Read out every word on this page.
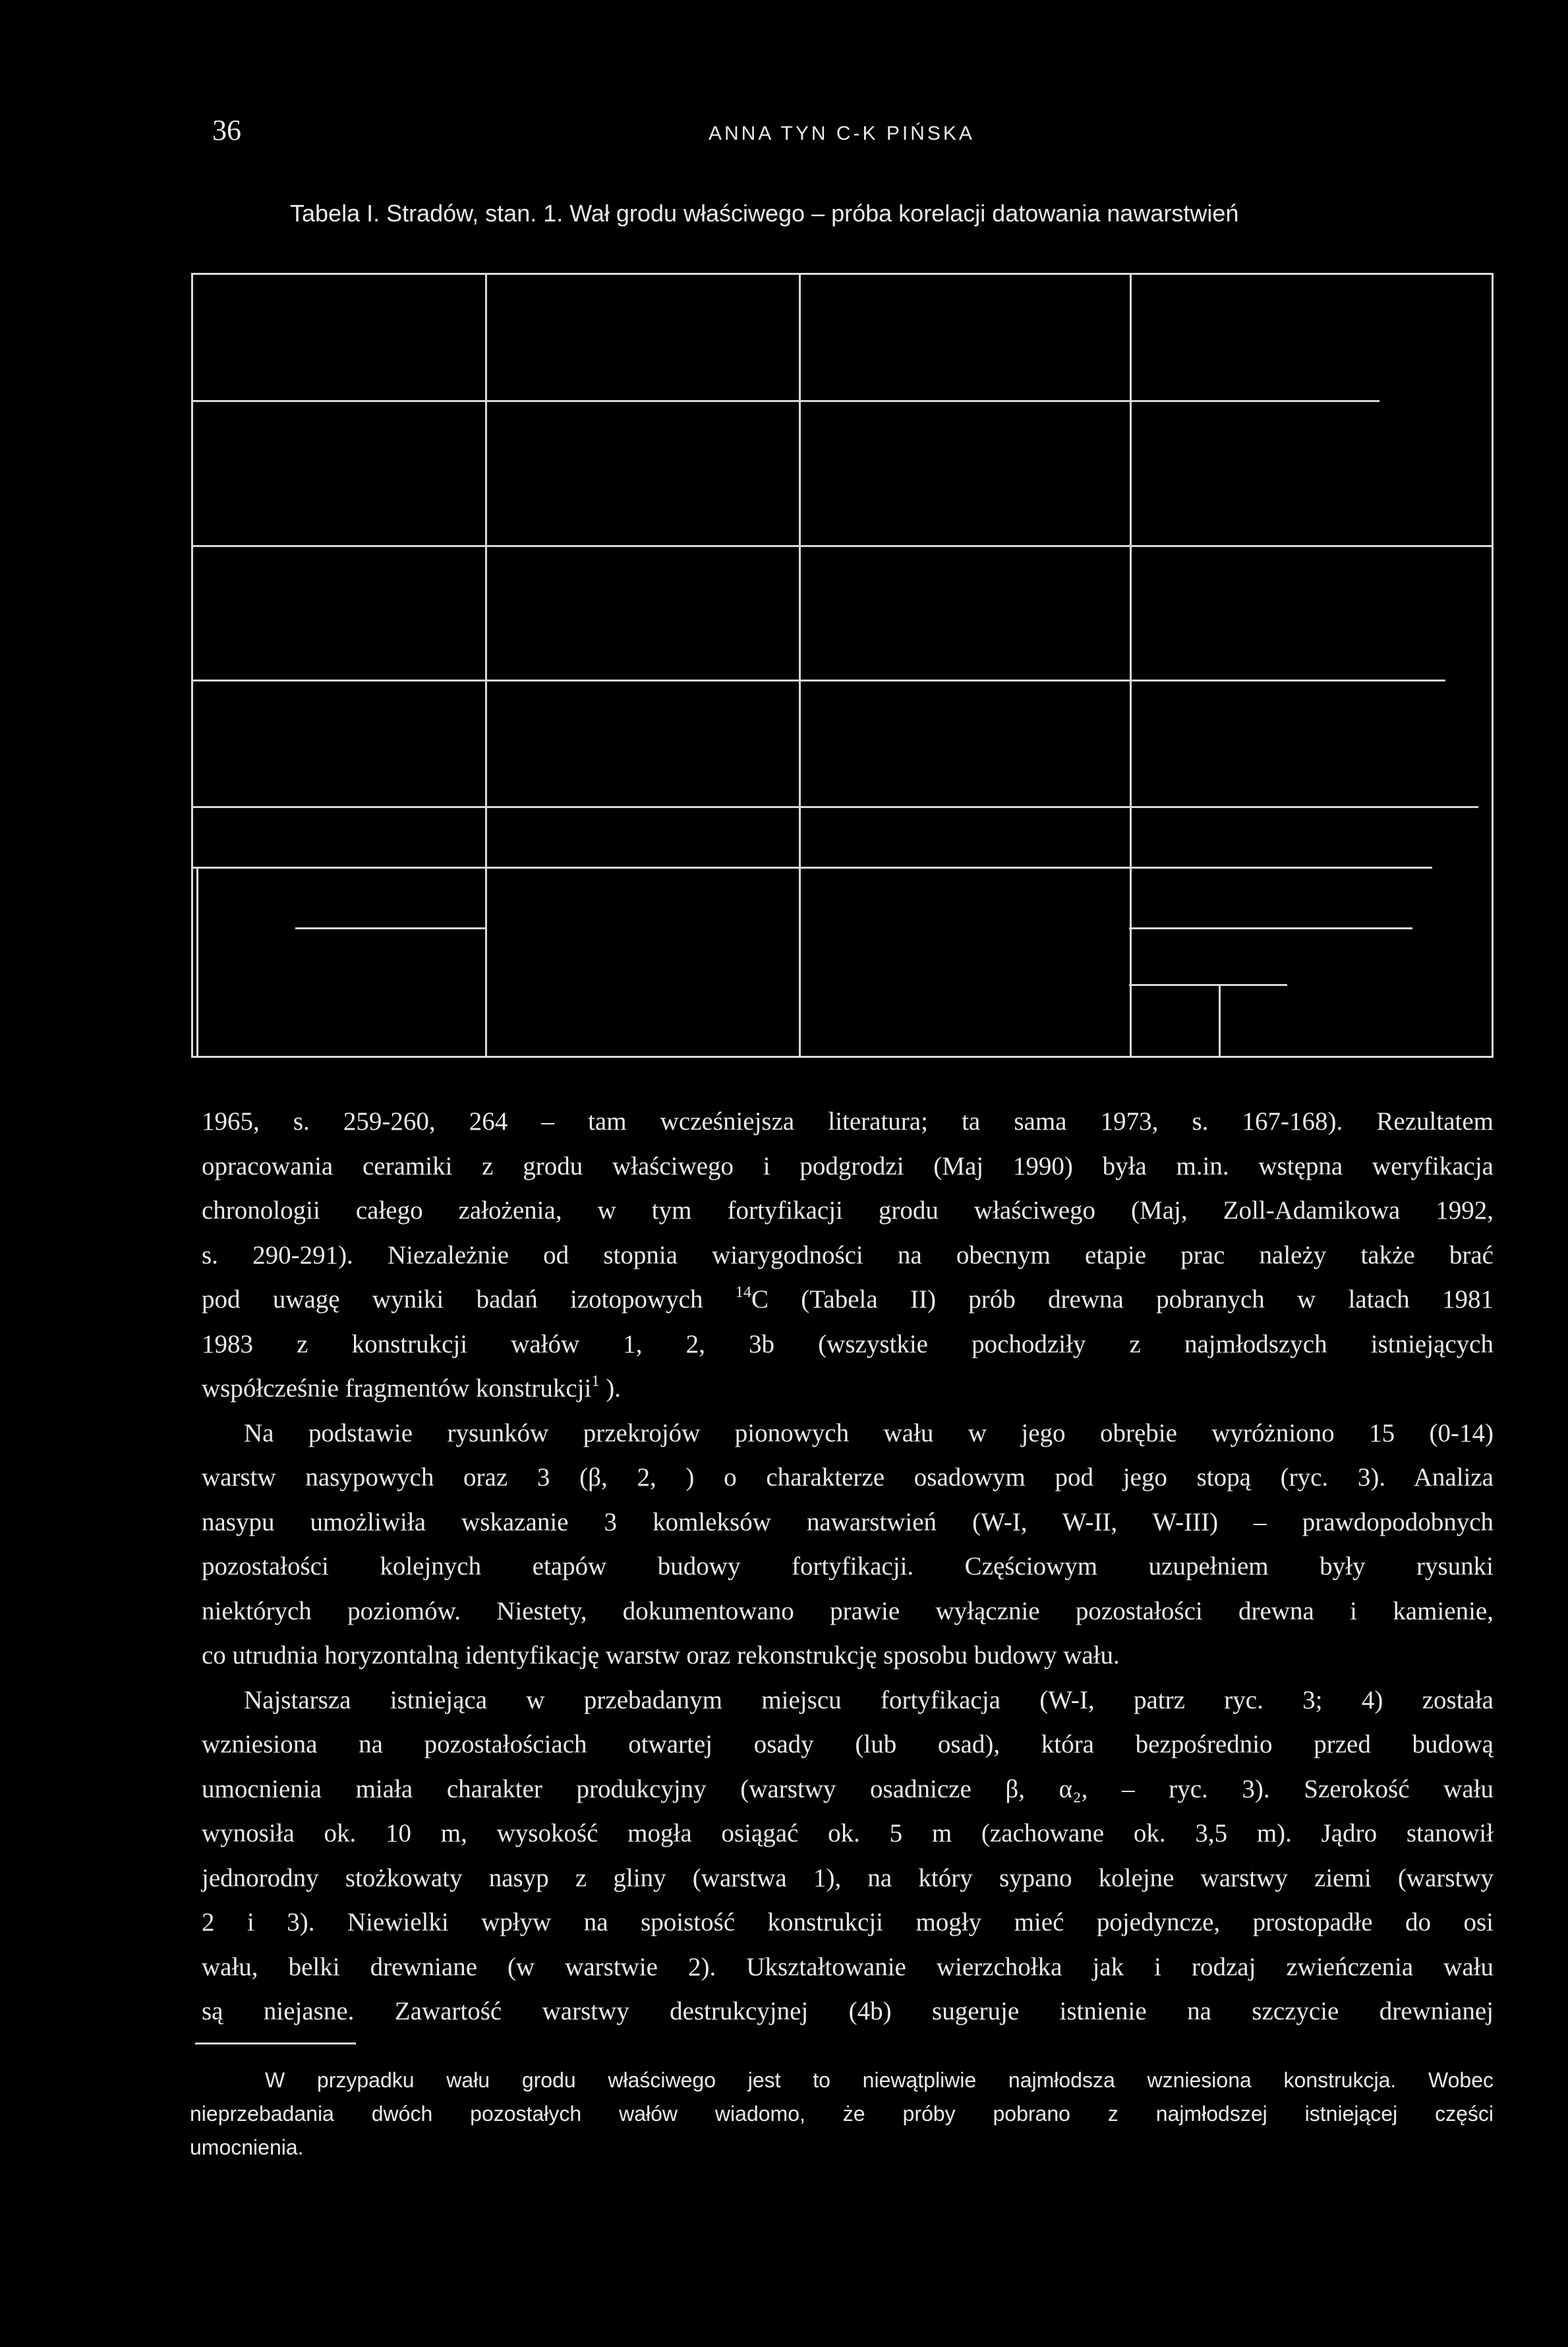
36	ANNA TYN C-K PIŃSKA
Tabela I. Stradów, stan. 1. Wał grodu właściwego – próba korelacji datowania nawarstwień
1965, s. 259-260, 264 – tam wcześniejsza literatura; ta sama 1973, s. 167-168). Rezultatem
opracowania ceramiki z grodu właściwego i podgrodzi (Maj 1990) była m.in. wstępna weryfikacja
chronologii całego założenia, w tym fortyfikacji grodu właściwego (Maj, Zoll-Adamikowa 1992,
s. 290-291). Niezależnie od stopnia wiarygodności na obecnym etapie prac należy także brać
pod uwagę wyniki badań izotopowych $^{14}$C (Tabela II) prób drewna pobranych w latach 1981
1983 z konstrukcji wałów 1, 2, 3b (wszystkie pochodziły z najmłodszych istniejących
współcześnie fragmentów konstrukcji$^1$ ).
Na podstawie rysunków przekrojów pionowych wału w jego obrębie wyróżniono 15 (0-14)
warstw nasypowych oraz 3 (β, 2, ) o charakterze osadowym pod jego stopą (ryc. 3). Analiza
nasypu umożliwiła wskazanie 3 komleksów nawarstwień (W-I, W-II, W-III) – prawdopodobnych
pozostałości kolejnych etapów budowy fortyfikacji. Częściowym uzupełniem były rysunki
niektórych poziomów. Niestety, dokumentowano prawie wyłącznie pozostałości drewna i kamienie,
co utrudnia horyzontalną identyfikację warstw oraz rekonstrukcję sposobu budowy wału.
Najstarsza istniejąca w przebadanym miejscu fortyfikacja (W-I, patrz ryc. 3; 4) została
wzniesiona na pozostałościach otwartej osady (lub osad), która bezpośrednio przed budową
umocnienia miała charakter produkcyjny (warstwy osadnicze β, α₂, – ryc. 3). Szerokość wału
wynosiła ok. 10 m, wysokość mogła osiągać ok. 5 m (zachowane ok. 3,5 m). Jądro stanowił
jednorodny stożkowaty nasyp z gliny (warstwa 1), na który sypano kolejne warstwy ziemi (warstwy
2 i 3). Niewielki wpływ na spoistość konstrukcji mogły mieć pojedyncze, prostopadłe do osi
wału, belki drewniane (w warstwie 2). Ukształtowanie wierzchołka jak i rodzaj zwieńczenia wału
są niejasne. Zawartość warstwy destrukcyjnej (4b) sugeruje istnienie na szczycie drewnianej
W przypadku wału grodu właściwego jest to niewątpliwie najmłodsza wzniesiona konstrukcja. Wobec
nieprzebadania dwóch pozostałych wałów wiadomo, że próby pobrano z najmłodszej istniejącej części
umocnienia.
